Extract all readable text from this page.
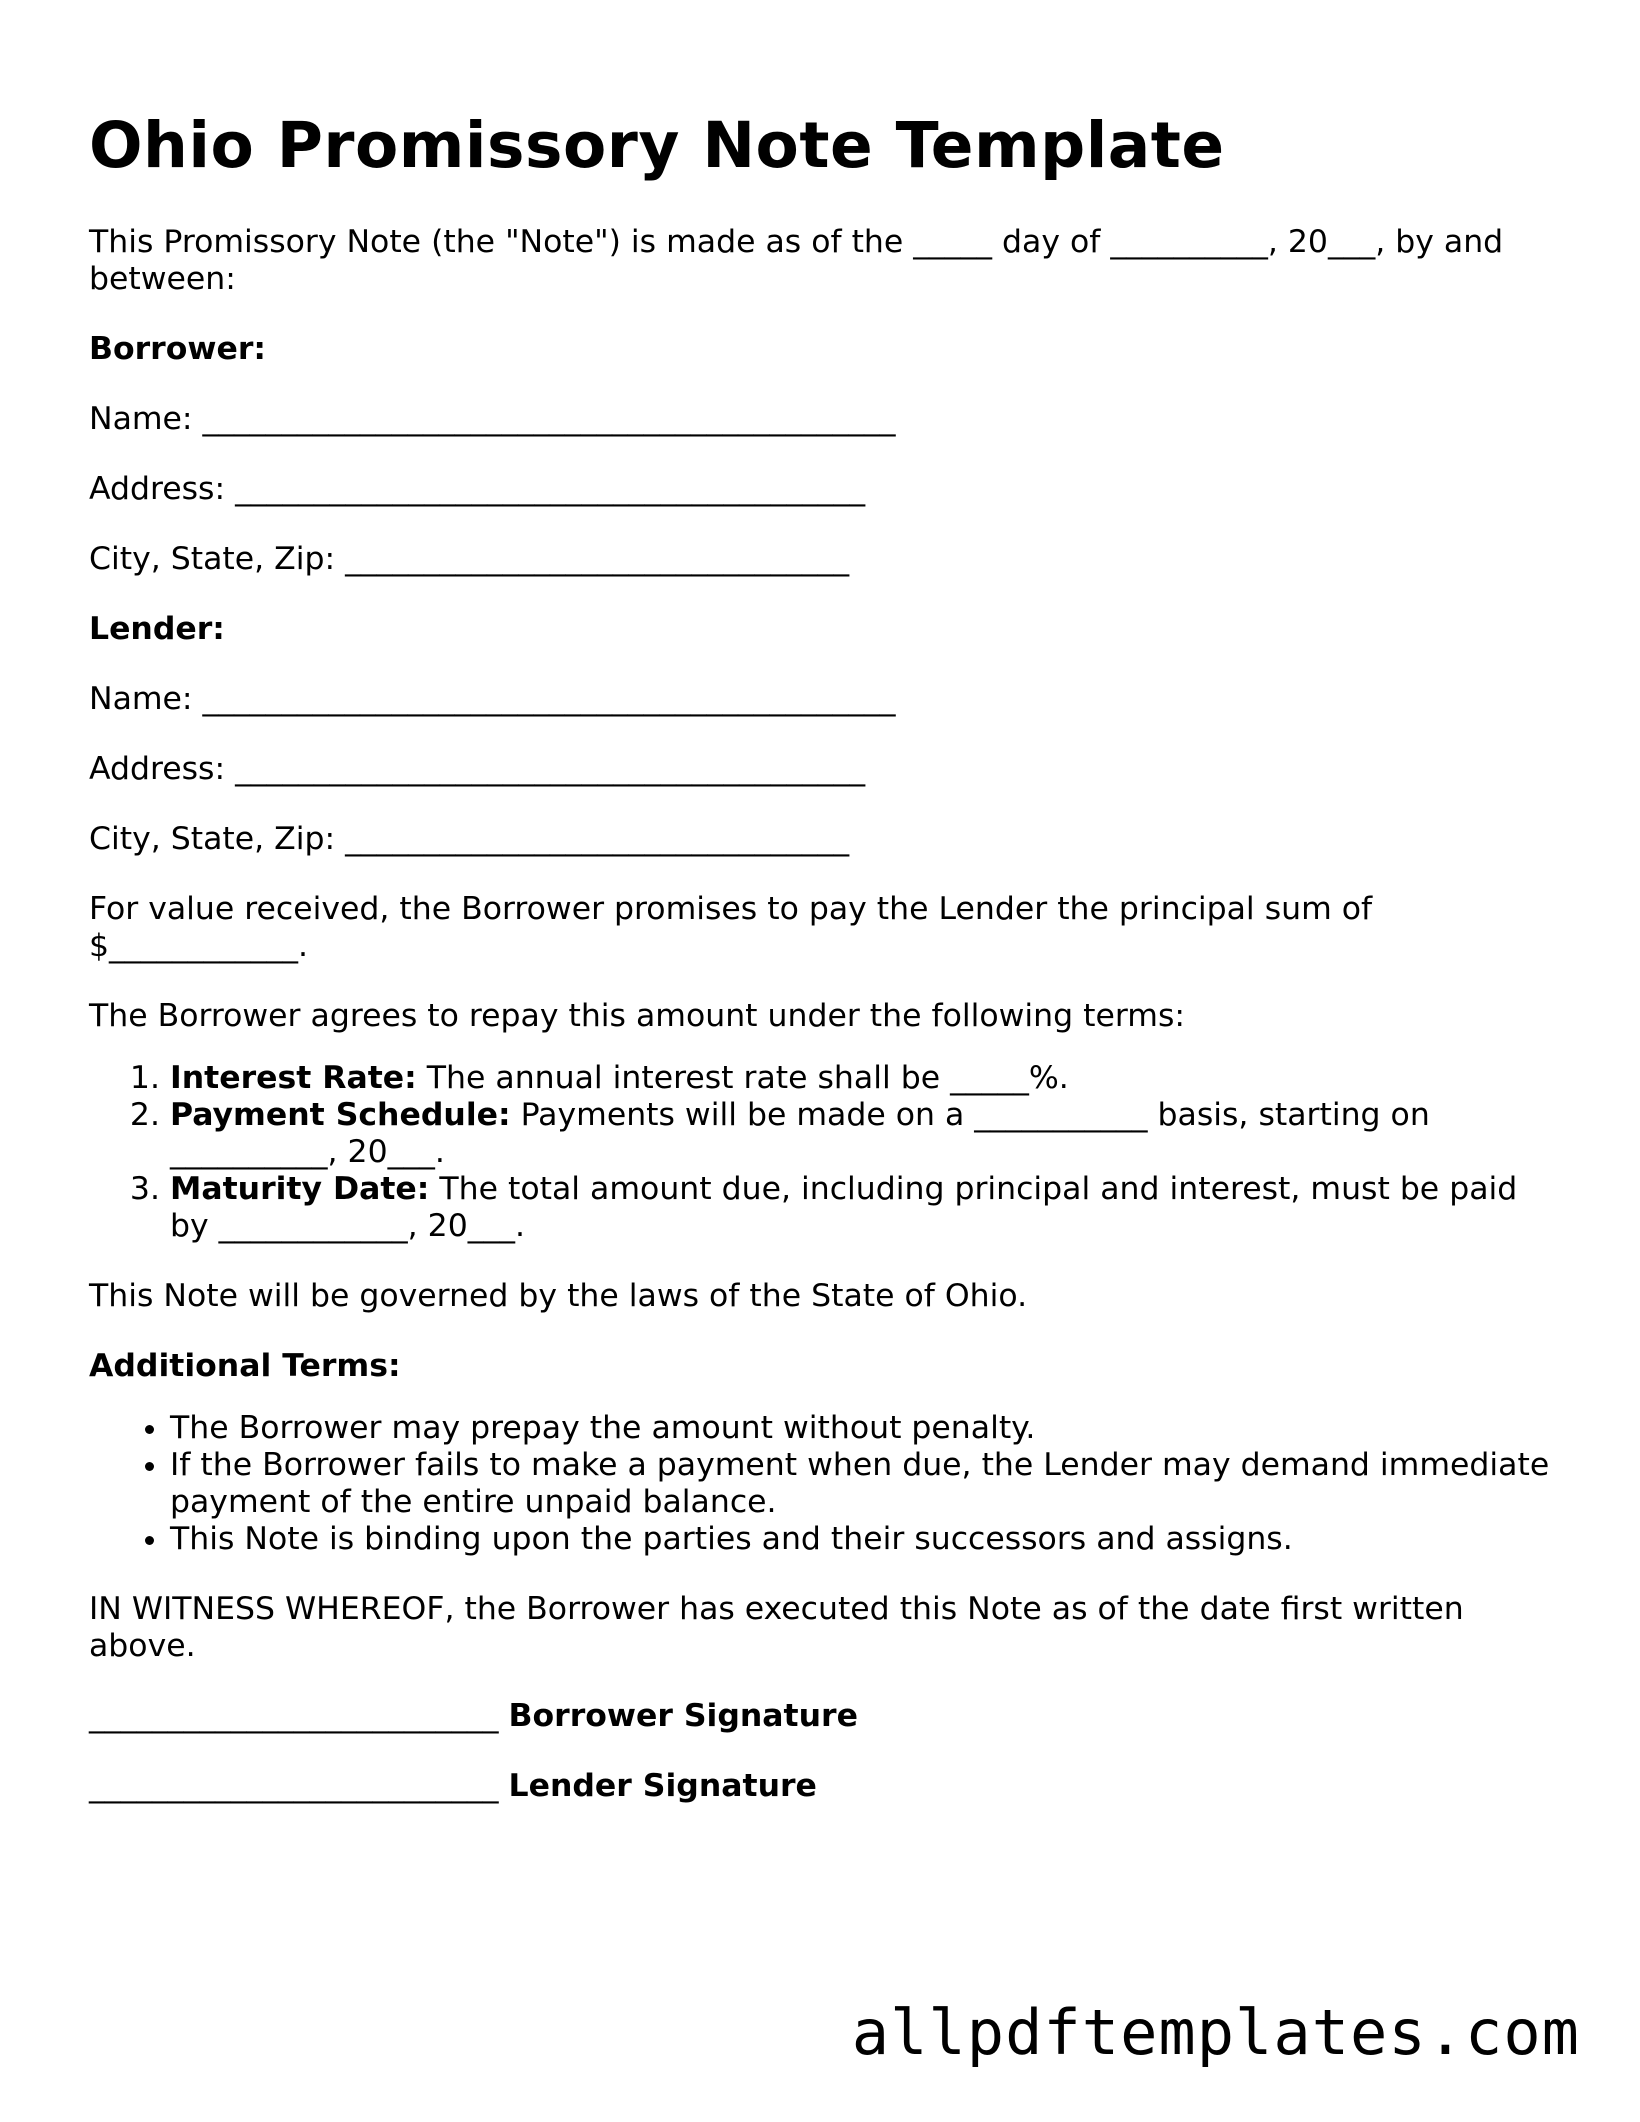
Ohio Promissory Note Template

This Promissory Note (the "Note") is made as of the _____ day of __________, 20___, by and between:

Borrower:

Name: ____________________________________________

Address: ________________________________________

City, State, Zip: ________________________________

Lender:

Name: ____________________________________________

Address: ________________________________________

City, State, Zip: ________________________________

For value received, the Borrower promises to pay the Lender the principal sum of $____________.

The Borrower agrees to repay this amount under the following terms:

1. Interest Rate: The annual interest rate shall be _____%.
2. Payment Schedule: Payments will be made on a ___________ basis, starting on __________, 20___.
3. Maturity Date: The total amount due, including principal and interest, must be paid by ____________, 20___.

This Note will be governed by the laws of the State of Ohio.

Additional Terms:

• The Borrower may prepay the amount without penalty.
• If the Borrower fails to make a payment when due, the Lender may demand immediate payment of the entire unpaid balance.
• This Note is binding upon the parties and their successors and assigns.

IN WITNESS WHEREOF, the Borrower has executed this Note as of the date first written above.

__________________________ Borrower Signature

__________________________ Lender Signature

allpdftemplates.com
